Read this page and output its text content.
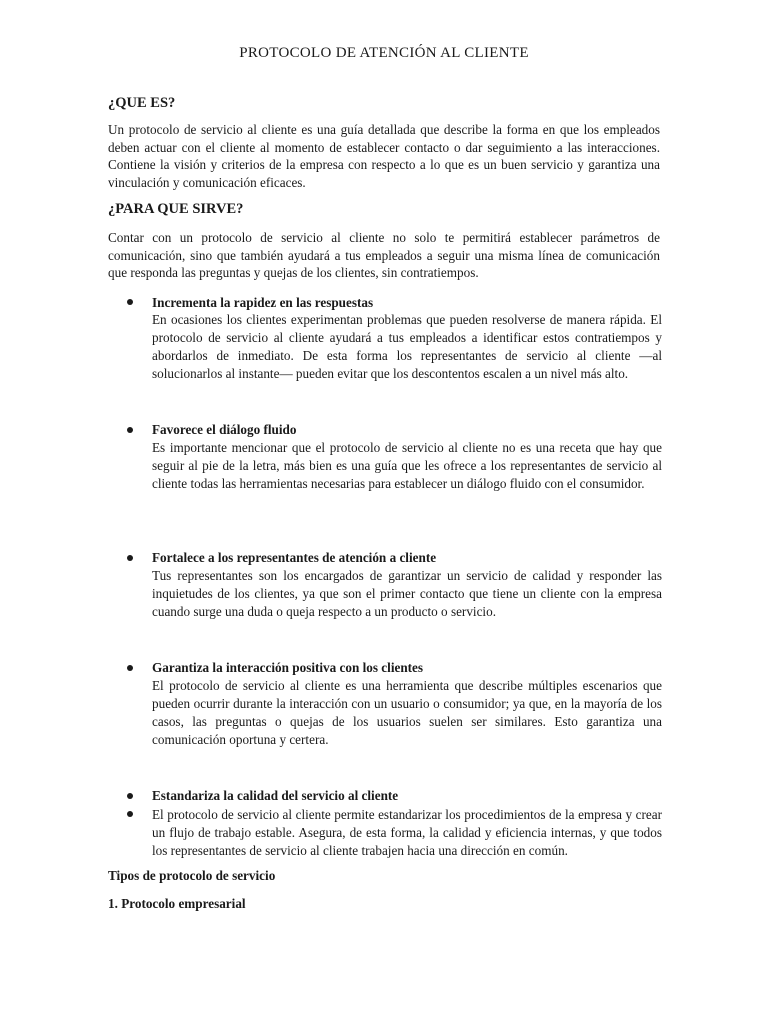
PROTOCOLO DE ATENCIÓN AL CLIENTE
¿QUE ES?
Un protocolo de servicio al cliente es una guía detallada que describe la forma en que los empleados deben actuar con el cliente al momento de establecer contacto o dar seguimiento a las interacciones. Contiene la visión y criterios de la empresa con respecto a lo que es un buen servicio y garantiza una vinculación y comunicación eficaces.
¿PARA QUE SIRVE?
Contar con un protocolo de servicio al cliente no solo te permitirá establecer parámetros de comunicación, sino que también ayudará a tus empleados a seguir una misma línea de comunicación que responda las preguntas y quejas de los clientes, sin contratiempos.
Incrementa la rapidez en las respuestas
En ocasiones los clientes experimentan problemas que pueden resolverse de manera rápida. El protocolo de servicio al cliente ayudará a tus empleados a identificar estos contratiempos y abordarlos de inmediato. De esta forma los representantes de servicio al cliente —al solucionarlos al instante— pueden evitar que los descontentos escalen a un nivel más alto.
Favorece el diálogo fluido
Es importante mencionar que el protocolo de servicio al cliente no es una receta que hay que seguir al pie de la letra, más bien es una guía que les ofrece a los representantes de servicio al cliente todas las herramientas necesarias para establecer un diálogo fluido con el consumidor.
Fortalece a los representantes de atención a cliente
Tus representantes son los encargados de garantizar un servicio de calidad y responder las inquietudes de los clientes, ya que son el primer contacto que tiene un cliente con la empresa cuando surge una duda o queja respecto a un producto o servicio.
Garantiza la interacción positiva con los clientes
El protocolo de servicio al cliente es una herramienta que describe múltiples escenarios que pueden ocurrir durante la interacción con un usuario o consumidor; ya que, en la mayoría de los casos, las preguntas o quejas de los usuarios suelen ser similares. Esto garantiza una comunicación oportuna y certera.
Estandariza la calidad del servicio al cliente
El protocolo de servicio al cliente permite estandarizar los procedimientos de la empresa y crear un flujo de trabajo estable. Asegura, de esta forma, la calidad y eficiencia internas, y que todos los representantes de servicio al cliente trabajen hacia una dirección en común.
Tipos de protocolo de servicio
1. Protocolo empresarial
